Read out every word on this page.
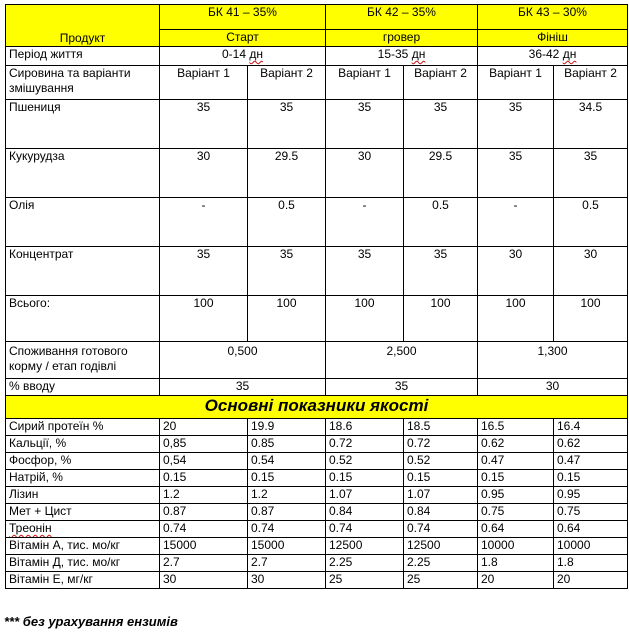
Продукт	БК 41 – 35%		БК 42 – 35%		БК 43 – 30%	
	Старт		гровер		Фініш	
Період життя	0-14 дн		15-35 дн		36-42 дн	
Сировина та варіанти змішування	Варіант 1	Варіант 2	Варіант 1	Варіант 2	Варіант 1	Варіант 2
Пшениця	35	35	35	35	35	34.5
Кукурудза	30	29.5	30	29.5	35	35
Олія	-	0.5	-	0.5	-	0.5
Концентрат	35	35	35	35	30	30
Всього:	100	100	100	100	100	100
Споживання готового корму / етап годівлі	0,500		2,500		1,300	
% вводу	35		35		30	
Основні показники якості						
Сирий протеїн %	20	19.9	18.6	18.5	16.5	16.4
Кальції, %	0,85	0.85	0.72	0.72	0.62	0.62
Фосфор, %	0,54	0.54	0.52	0.52	0.47	0.47
Натрій, %	0.15	0.15	0.15	0.15	0.15	0.15
Лізин	1.2	1.2	1.07	1.07	0.95	0.95
Мет + Цист	0.87	0.87	0.84	0.84	0.75	0.75
Треонін	0.74	0.74	0.74	0.74	0.64	0.64
Вітамін А, тис. мо/кг	15000	15000	12500	12500	10000	10000
Вітамін Д, тис. мо/кг	2.7	2.7	2.25	2.25	1.8	1.8
Вітамін Е, мг/кг	30	30	25	25	20	20
*** без урахування ензимів
